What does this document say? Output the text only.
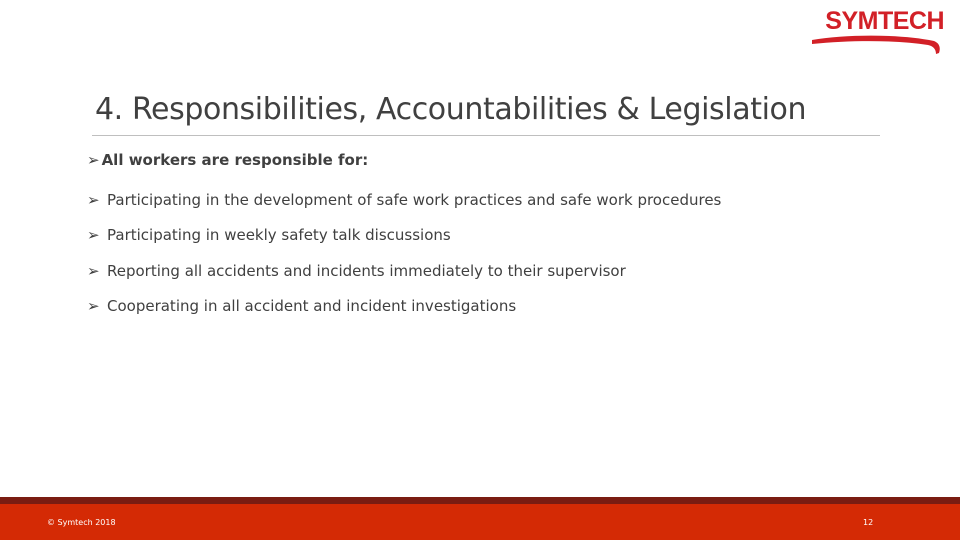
SYMTECH
4. Responsibilities, Accountabilities & Legislation
➢ All workers are responsible for:
➢ Participating in the development of safe work practices and safe work procedures
➢ Participating in weekly safety talk discussions
➢ Reporting all accidents and incidents immediately to their supervisor
➢ Cooperating in all accident and incident investigations
© Symtech 2018	12
